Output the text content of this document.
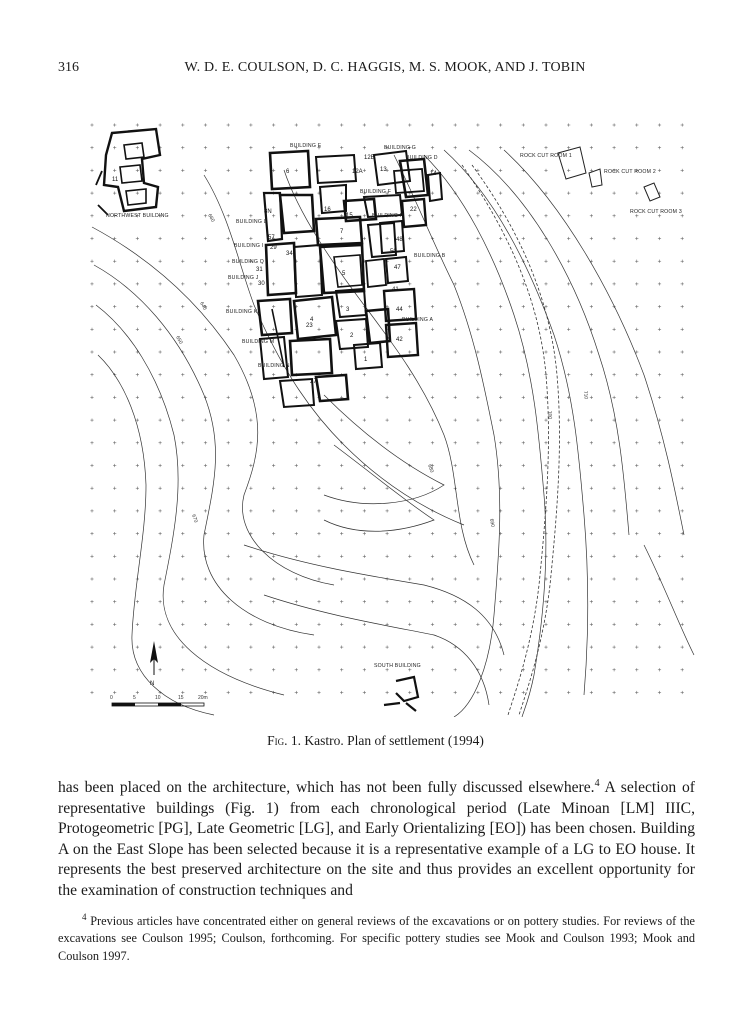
316	W. D. E. COULSON, D. C. HAGGIS, M. S. MOOK, AND J. TOBIN
N
0	5	10	15	20m
NORTHWEST BUILDING
BUILDING E	BUILDING G
BUILDING D
BUILDING F
BUILDING P
BUILDING L
BUILDING I
BUILDING Q
BUILDING J
BUILDING B
BUILDING K
BUILDING A
BUILDING M
BUILDING N
SOUTH BUILDING
ROCK CUT ROOM 1
ROCK CUT ROOM 2
ROCK CUT ROOM 3
6
12B
12A	13
14
8N
57
15
16	22
29
34
31
30
7
5
4
3
2
1
44
41
42
48
47
50
23
27
11
640
650
660
670
680
690
700
710
Fig. 1. Kastro. Plan of settlement (1994)
has been placed on the architecture, which has not been fully discussed elsewhere.$^4$ A selection of representative buildings (Fig. 1) from each chronological period (Late Minoan [LM] IIIC, Protogeometric [PG], Late Geometric [LG], and Early Orientalizing [EO]) has been chosen. Building A on the East Slope has been selected because it is a representative example of a LG to EO house. It represents the best preserved architecture on the site and thus provides an excellent opportunity for the examination of construction techniques and
$^4$ Previous articles have concentrated either on general reviews of the excavations or on pottery studies. For reviews of the excavations see Coulson 1995; Coulson, forthcoming. For specific pottery studies see Mook and Coulson 1993; Mook and Coulson 1997.
